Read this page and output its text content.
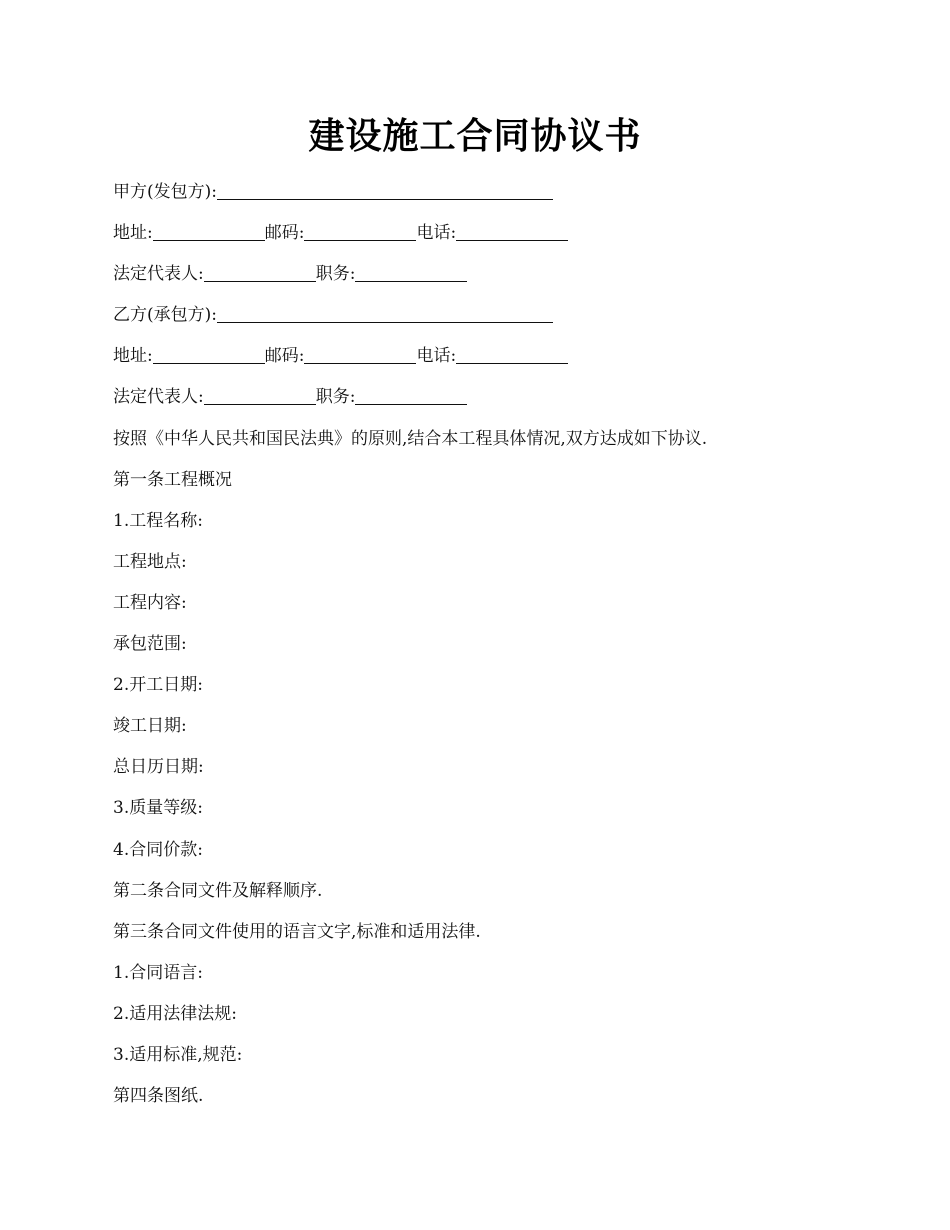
建设施工合同协议书
甲方(发包方):
地址:	邮码:	电话:
法定代表人:	职务:
乙方(承包方):
地址:	邮码:	电话:
法定代表人:	职务:
按照《中华人民共和国民法典》的原则,结合本工程具体情况,双方达成如下协议.
第一条工程概况
1.工程名称:
工程地点:
工程内容:
承包范围:
2.开工日期:
竣工日期:
总日历日期:
3.质量等级:
4.合同价款:
第二条合同文件及解释顺序.
第三条合同文件使用的语言文字,标准和适用法律.
1.合同语言:
2.适用法律法规:
3.适用标准,规范:
第四条图纸.
